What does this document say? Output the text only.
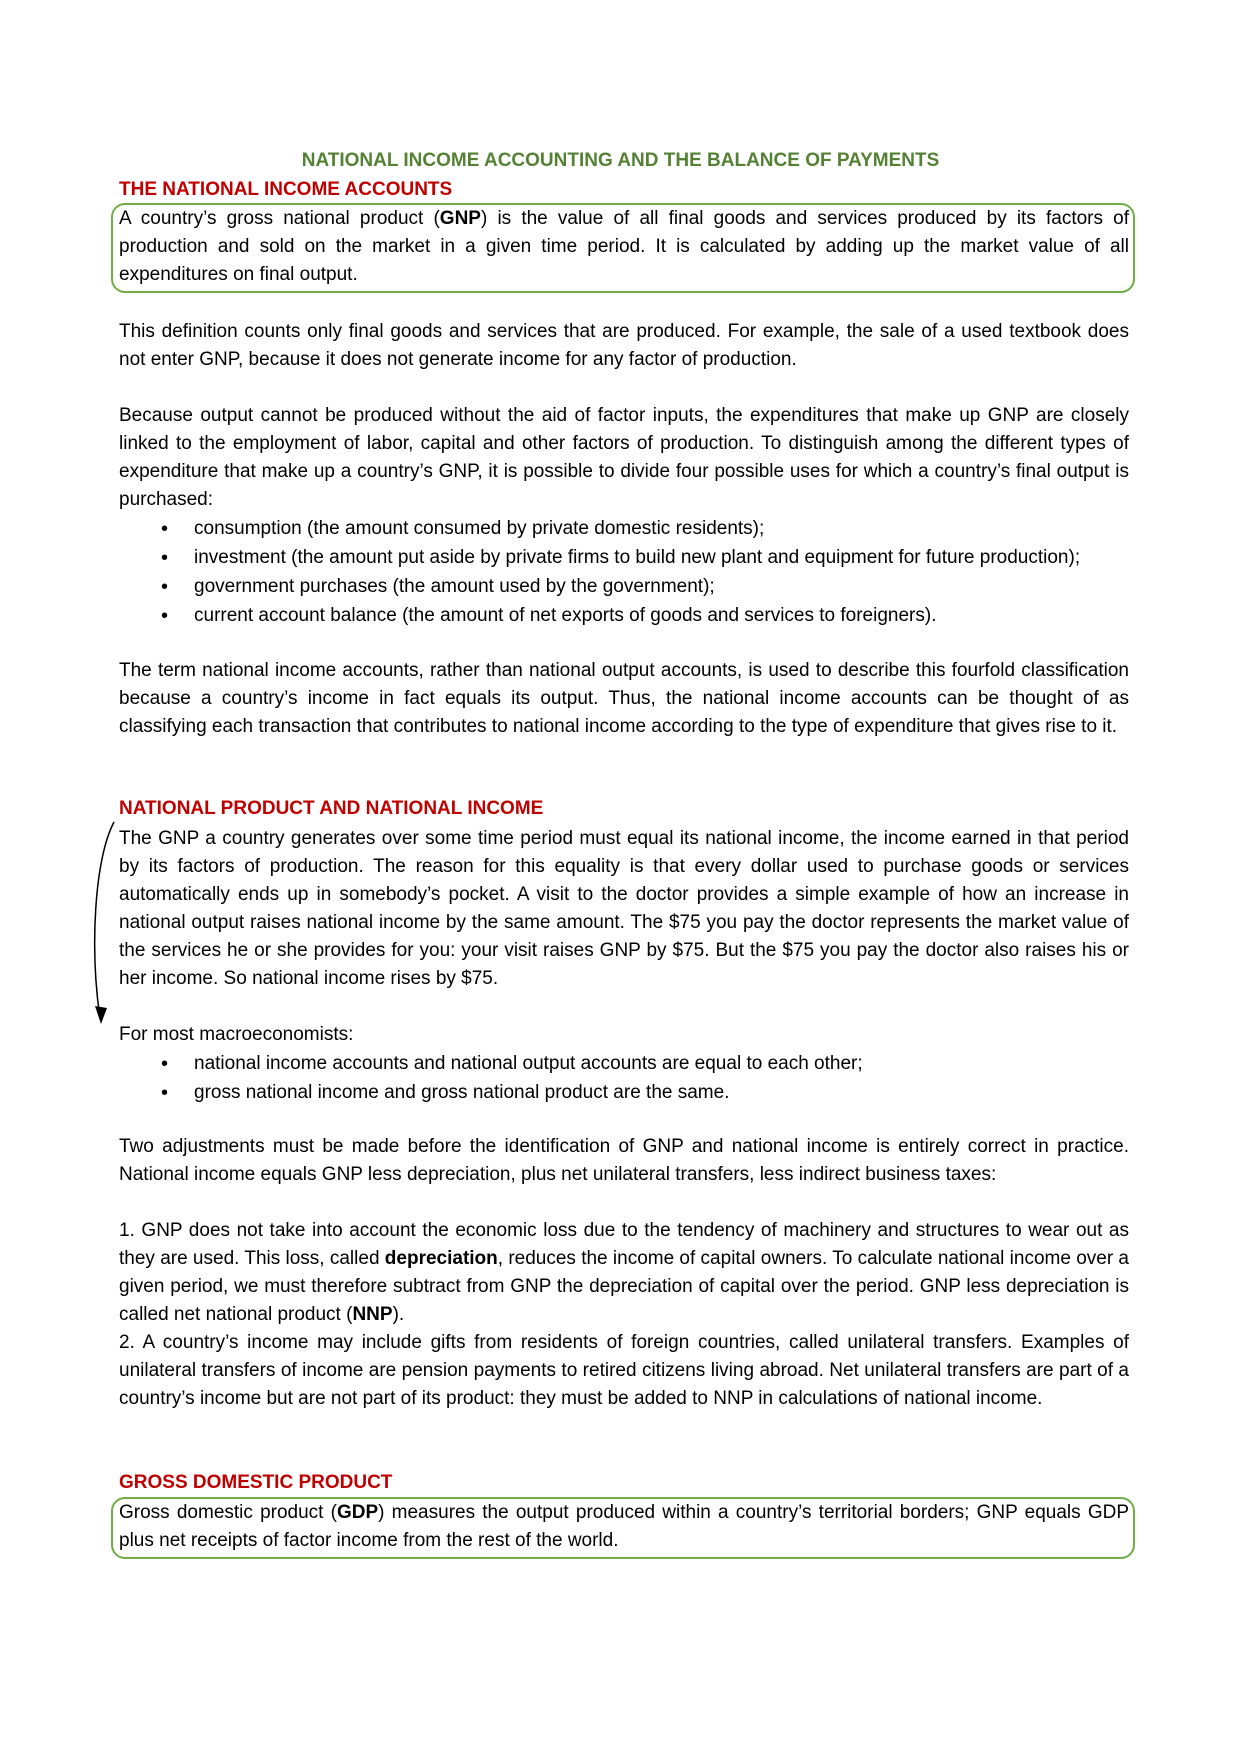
NATIONAL INCOME ACCOUNTING AND THE BALANCE OF PAYMENTS
THE NATIONAL INCOME ACCOUNTS

A country’s gross national product (GNP) is the value of all final goods and services produced by its factors of production and sold on the market in a given time period. It is calculated by adding up the market value of all expenditures on final output.

This definition counts only final goods and services that are produced. For example, the sale of a used textbook does not enter GNP, because it does not generate income for any factor of production.

Because output cannot be produced without the aid of factor inputs, the expenditures that make up GNP are closely linked to the employment of labor, capital and other factors of production. To distinguish among the different types of expenditure that make up a country’s GNP, it is possible to divide four possible uses for which a country’s final output is purchased:

• consumption (the amount consumed by private domestic residents);
• investment (the amount put aside by private firms to build new plant and equipment for future production);
• government purchases (the amount used by the government);
• current account balance (the amount of net exports of goods and services to foreigners).

The term national income accounts, rather than national output accounts, is used to describe this fourfold classification because a country’s income in fact equals its output. Thus, the national income accounts can be thought of as classifying each transaction that contributes to national income according to the type of expenditure that gives rise to it.

NATIONAL PRODUCT AND NATIONAL INCOME

The GNP a country generates over some time period must equal its national income, the income earned in that period by its factors of production. The reason for this equality is that every dollar used to purchase goods or services automatically ends up in somebody’s pocket. A visit to the doctor provides a simple example of how an increase in national output raises national income by the same amount. The $75 you pay the doctor represents the market value of the services he or she provides for you: your visit raises GNP by $75. But the $75 you pay the doctor also raises his or her income. So national income rises by $75.

For most macroeconomists:

• national income accounts and national output accounts are equal to each other;
• gross national income and gross national product are the same.

Two adjustments must be made before the identification of GNP and national income is entirely correct in practice. National income equals GNP less depreciation, plus net unilateral transfers, less indirect business taxes:

1. GNP does not take into account the economic loss due to the tendency of machinery and structures to wear out as they are used. This loss, called depreciation, reduces the income of capital owners. To calculate national income over a given period, we must therefore subtract from GNP the depreciation of capital over the period. GNP less depreciation is called net national product (NNP).

2. A country’s income may include gifts from residents of foreign countries, called unilateral transfers. Examples of unilateral transfers of income are pension payments to retired citizens living abroad. Net unilateral transfers are part of a country’s income but are not part of its product: they must be added to NNP in calculations of national income.

GROSS DOMESTIC PRODUCT

Gross domestic product (GDP) measures the output produced within a country’s territorial borders; GNP equals GDP plus net receipts of factor income from the rest of the world.
